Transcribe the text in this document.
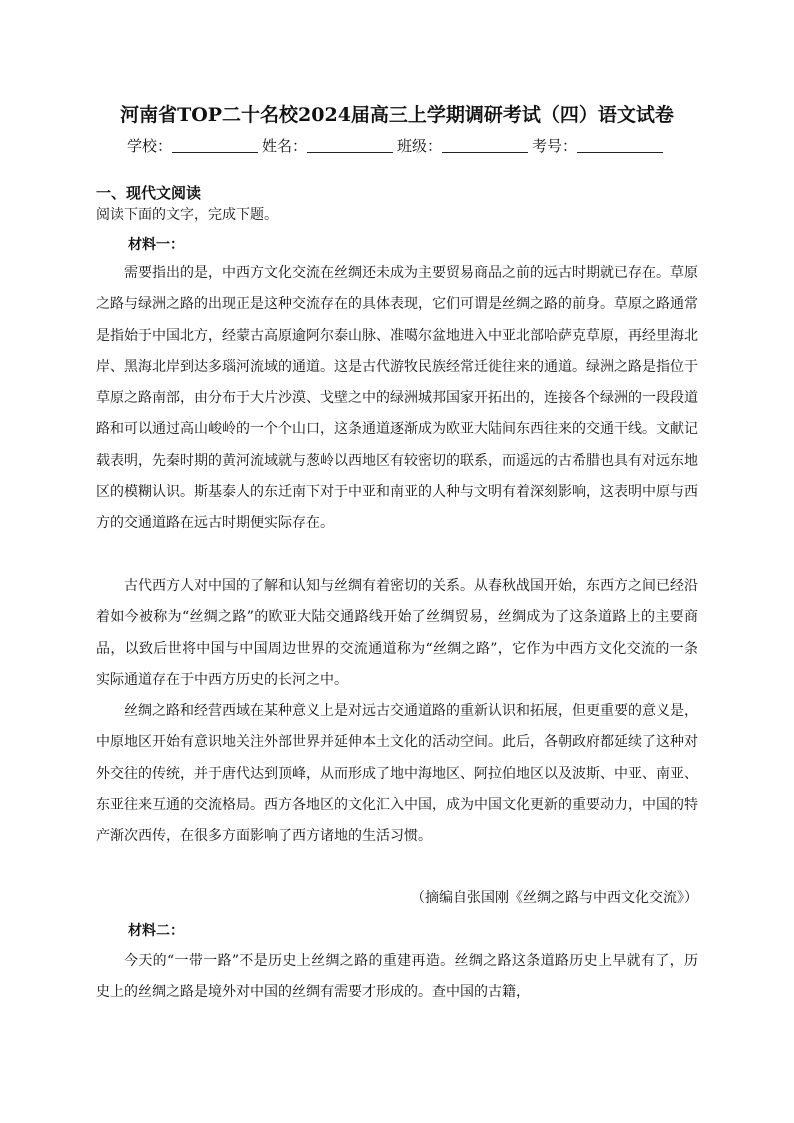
河南省TOP二十名校2024届高三上学期调研考试（四）语文试卷
学校：	姓名：	班级：	考号：
一、现代文阅读
阅读下面的文字，完成下题。
材料一：

需要指出的是，中西方文化交流在丝绸还未成为主要贸易商品之前的远古时期就已存在。草原之路与绿洲之路的出现正是这种交流存在的具体表现，它们可谓是丝绸之路的前身。草原之路通常是指始于中国北方，经蒙古高原逾阿尔泰山脉、准噶尔盆地进入中亚北部哈萨克草原，再经里海北岸、黑海北岸到达多瑙河流域的通道。这是古代游牧民族经常迁徙往来的通道。绿洲之路是指位于草原之路南部，由分布于大片沙漠、戈壁之中的绿洲城邦国家开拓出的，连接各个绿洲的一段段道路和可以通过高山峻岭的一个个山口，这条通道逐渐成为欧亚大陆间东西往来的交通干线。文献记载表明，先秦时期的黄河流域就与葱岭以西地区有较密切的联系，而遥远的古希腊也具有对远东地区的模糊认识。斯基泰人的东迁南下对于中亚和南亚的人种与文明有着深刻影响，这表明中原与西方的交通道路在远古时期便实际存在。

古代西方人对中国的了解和认知与丝绸有着密切的关系。从春秋战国开始，东西方之间已经沿着如今被称为“丝绸之路”的欧亚大陆交通路线开始了丝绸贸易，丝绸成为了这条道路上的主要商品，以致后世将中国与中国周边世界的交流通道称为“丝绸之路”，它作为中西方文化交流的一条实际通道存在于中西方历史的长河之中。

丝绸之路和经营西域在某种意义上是对远古交通道路的重新认识和拓展，但更重要的意义是，中原地区开始有意识地关注外部世界并延伸本土文化的活动空间。此后，各朝政府都延续了这种对外交往的传统，并于唐代达到顶峰，从而形成了地中海地区、阿拉伯地区以及波斯、中亚、南亚、东亚往来互通的交流格局。西方各地区的文化汇入中国，成为中国文化更新的重要动力，中国的特产渐次西传，在很多方面影响了西方诸地的生活习惯。

（摘编自张国刚《丝绸之路与中西文化交流》）
材料二：

今天的“一带一路”不是历史上丝绸之路的重建再造。丝绸之路这条道路历史上早就有了，历史上的丝绸之路是境外对中国的丝绸有需要才形成的。查中国的古籍，
